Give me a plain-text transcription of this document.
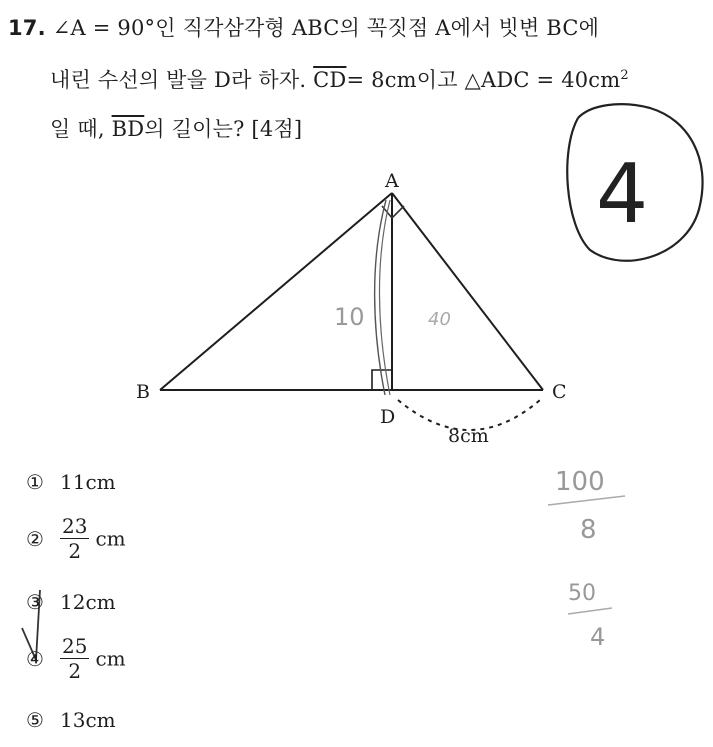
17. ∠A = 90°인 직각삼각형 ABC의 꼭짓점 A에서 빗변 BC에
내린 수선의 발을 D라 하자. $\overline{CD}= 8cm$이고 △ADC = $40cm^2$
일 때, $\overline{BD}$의 길이는? [4점]
A
B	C
D
8cm
10	40
4
100
8
50
4
① 11cm
② $\frac{23}{2}$ cm
③ 12cm
④ $\frac{25}{2}$ cm
⑤ 13cm
